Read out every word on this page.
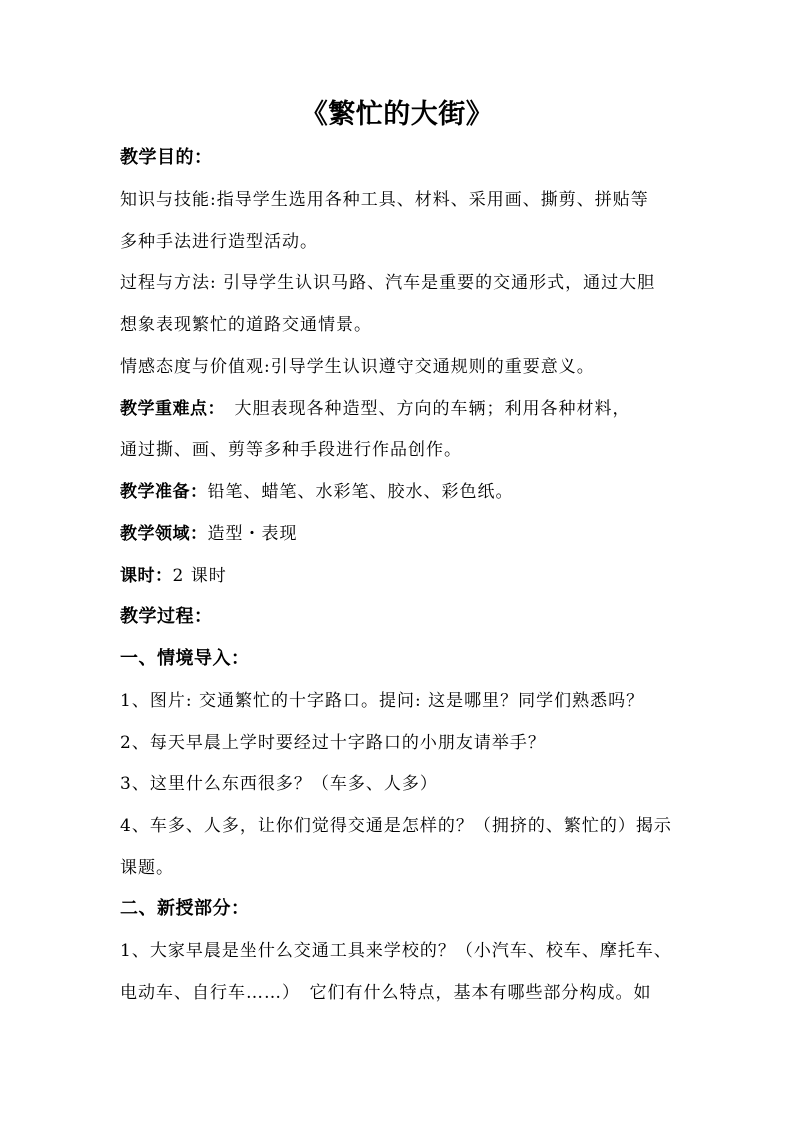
《繁忙的大街》
教学目的：
知识与技能:指导学生选用各种工具、材料、采用画、撕剪、拼贴等
多种手法进行造型活动。
过程与方法: 引导学生认识马路、汽车是重要的交通形式，通过大胆
想象表现繁忙的道路交通情景。
情感态度与价值观:引导学生认识遵守交通规则的重要意义。
教学重难点：　大胆表现各种造型、方向的车辆；利用各种材料，
通过撕、画、剪等多种手段进行作品创作。
教学准备：铅笔、蜡笔、水彩笔、胶水、彩色纸。
教学领域：造型・表现
课时：2 课时
教学过程：
一、情境导入：
1、图片: 交通繁忙的十字路口。提问: 这是哪里？同学们熟悉吗？
2、每天早晨上学时要经过十字路口的小朋友请举手？
3、这里什么东西很多？（车多、人多）
4、车多、人多，让你们觉得交通是怎样的？（拥挤的、繁忙的）揭示
课题。
二、新授部分：
1、大家早晨是坐什么交通工具来学校的？（小汽车、校车、摩托车、
电动车、自行车……）　它们有什么特点，基本有哪些部分构成。如
